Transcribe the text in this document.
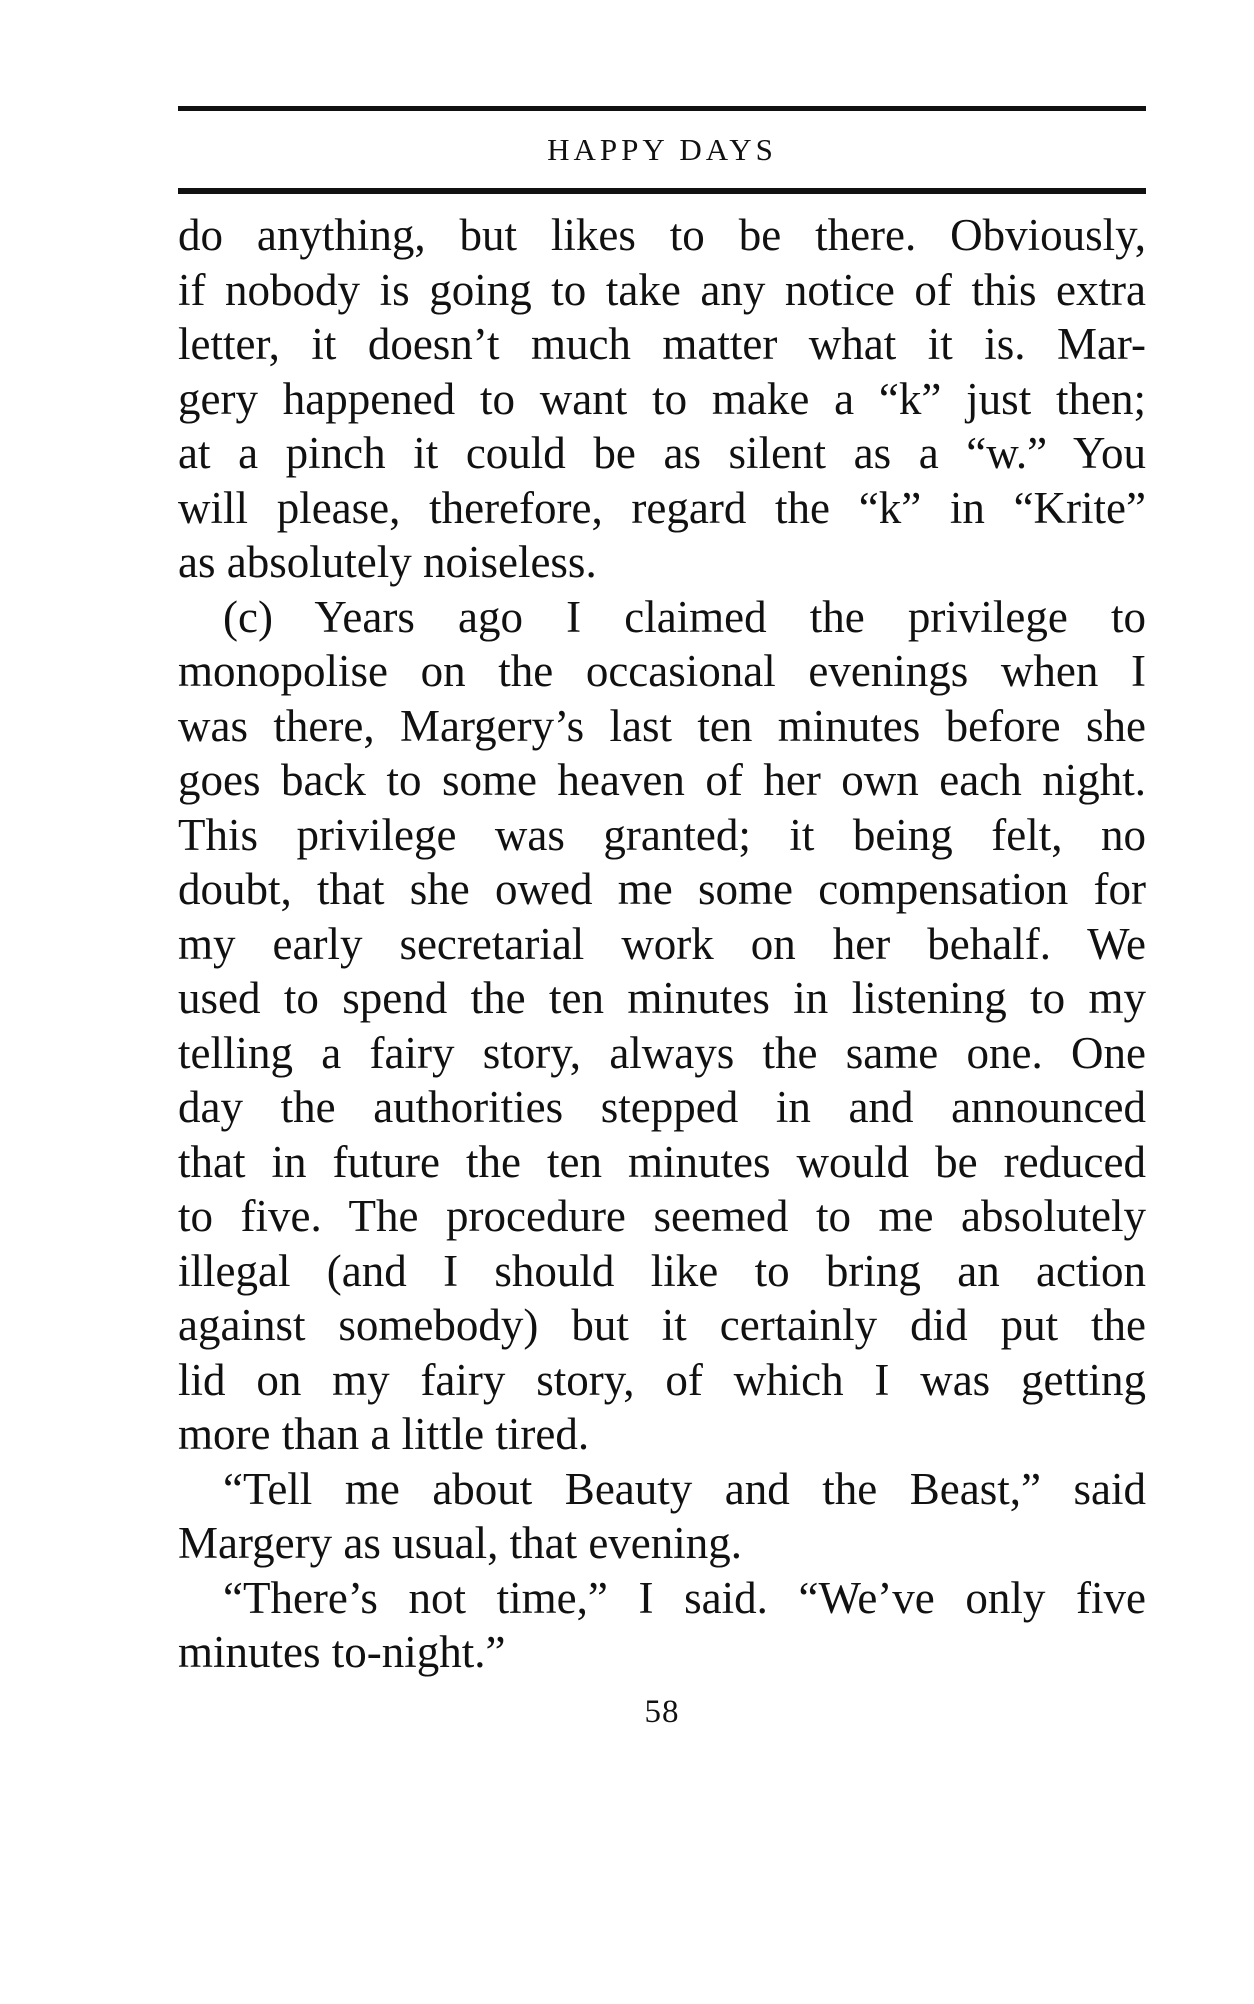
HAPPY DAYS
do anything, but likes to be there. Obviously,
if nobody is going to take any notice of this extra
letter, it doesn’t much matter what it is. Mar-
gery happened to want to make a “k” just then;
at a pinch it could be as silent as a “w.” You
will please, therefore, regard the “k” in “Krite”
as absolutely noiseless.
(c) Years ago I claimed the privilege to
monopolise on the occasional evenings when I
was there, Margery’s last ten minutes before she
goes back to some heaven of her own each night.
This privilege was granted; it being felt, no
doubt, that she owed me some compensation for
my early secretarial work on her behalf. We
used to spend the ten minutes in listening to my
telling a fairy story, always the same one. One
day the authorities stepped in and announced
that in future the ten minutes would be reduced
to five. The procedure seemed to me absolutely
illegal (and I should like to bring an action
against somebody) but it certainly did put the
lid on my fairy story, of which I was getting
more than a little tired.
“Tell me about Beauty and the Beast,” said
Margery as usual, that evening.
“There’s not time,” I said. “We’ve only five
minutes to-night.”
58
